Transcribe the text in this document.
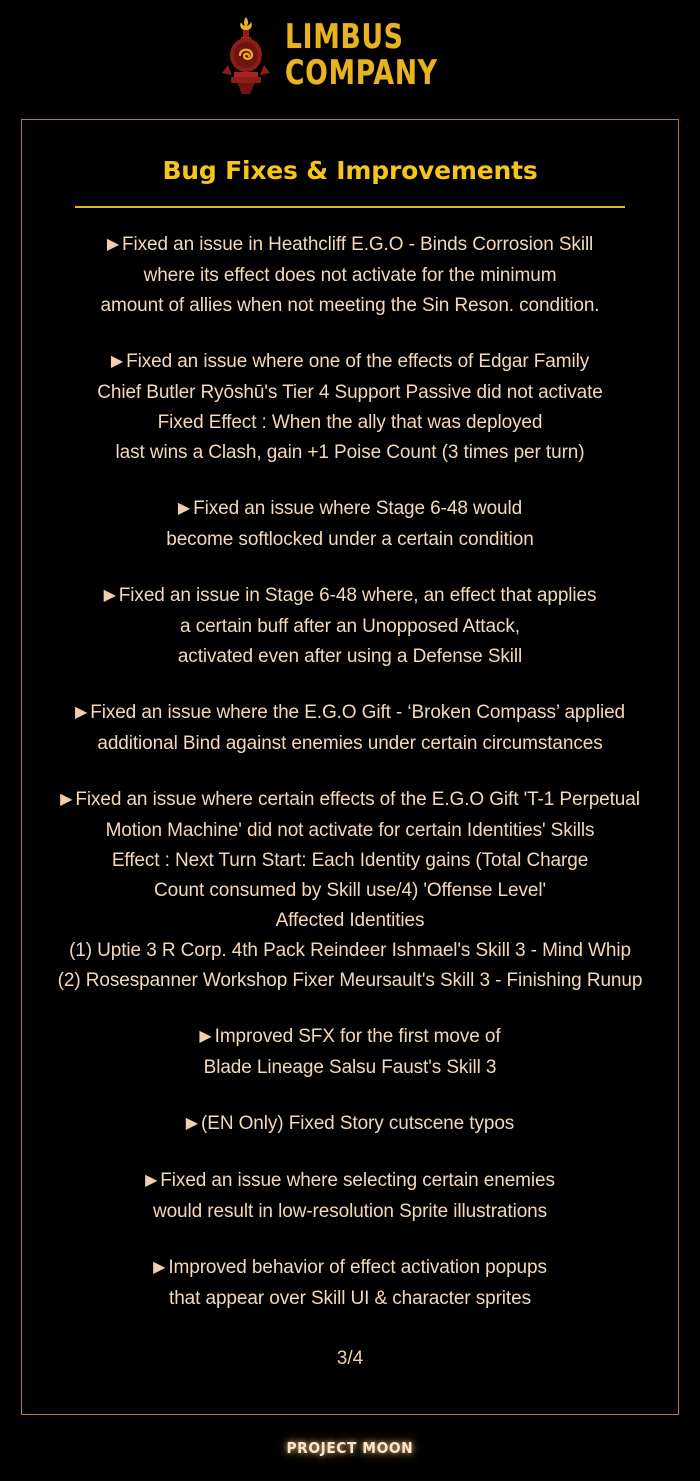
LIMBUS
COMPANY
Bug Fixes & Improvements
▶ Fixed an issue in Heathcliff E.G.O - Binds Corrosion Skill
where its effect does not activate for the minimum
amount of allies when not meeting the Sin Reson. condition.
▶ Fixed an issue where one of the effects of Edgar Family
Chief Butler Ryōshū's Tier 4 Support Passive did not activate
Fixed Effect : When the ally that was deployed
last wins a Clash, gain +1 Poise Count (3 times per turn)
▶ Fixed an issue where Stage 6-48 would
become softlocked under a certain condition
▶ Fixed an issue in Stage 6-48 where, an effect that applies
a certain buff after an Unopposed Attack,
activated even after using a Defense Skill
▶ Fixed an issue where the E.G.O Gift - ‘Broken Compass’ applied
additional Bind against enemies under certain circumstances
▶ Fixed an issue where certain effects of the E.G.O Gift 'T-1 Perpetual
Motion Machine' did not activate for certain Identities' Skills
Effect : Next Turn Start: Each Identity gains (Total Charge
Count consumed by Skill use/4) 'Offense Level'
Affected Identities
(1) Uptie 3 R Corp. 4th Pack Reindeer Ishmael's Skill 3 - Mind Whip
(2) Rosespanner Workshop Fixer Meursault's Skill 3 - Finishing Runup
▶ Improved SFX for the first move of
Blade Lineage Salsu Faust's Skill 3
▶ (EN Only) Fixed Story cutscene typos
▶ Fixed an issue where selecting certain enemies
would result in low-resolution Sprite illustrations
▶ Improved behavior of effect activation popups
that appear over Skill UI & character sprites
3/4
PROJECT MOON
